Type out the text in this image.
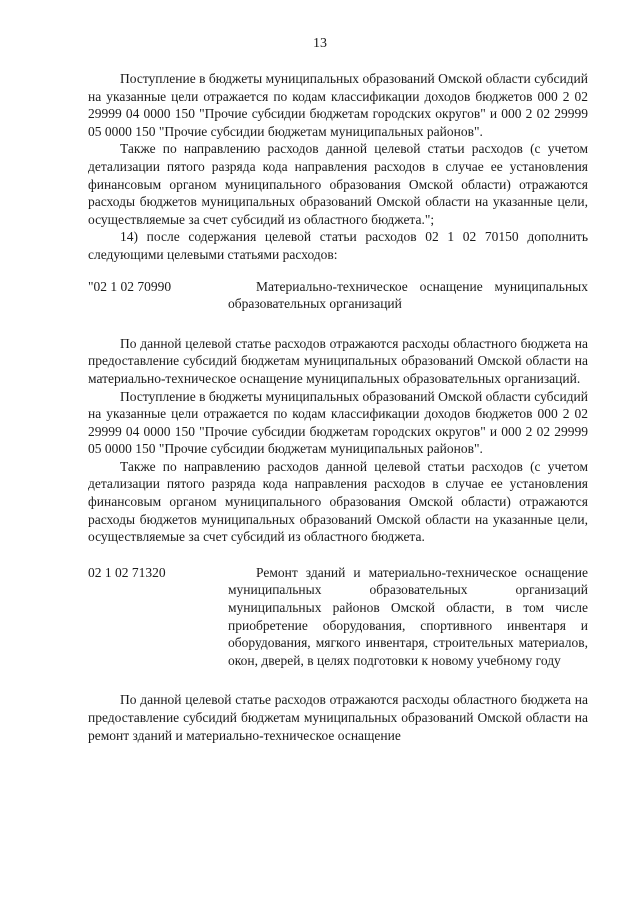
13

Поступление в бюджеты муниципальных образований Омской области субсидий на указанные цели отражается по кодам классификации доходов бюджетов 000 2 02 29999 04 0000 150 "Прочие субсидии бюджетам городских округов" и 000 2 02 29999 05 0000 150 "Прочие субсидии бюджетам муниципальных районов".

Также по направлению расходов данной целевой статьи расходов (с учетом детализации пятого разряда кода направления расходов в случае ее установления финансовым органом муниципального образования Омской области) отражаются расходы бюджетов муниципальных образований Омской области на указанные цели, осуществляемые за счет субсидий из областного бюджета.";

14) после содержания целевой статьи расходов 02 1 02 70150 дополнить следующими целевыми статьями расходов:

"02 1 02 70990	Материально-техническое оснащение муниципальных образовательных организаций

По данной целевой статье расходов отражаются расходы областного бюджета на предоставление субсидий бюджетам муниципальных образований Омской области на материально-техническое оснащение муниципальных образовательных организаций.

Поступление в бюджеты муниципальных образований Омской области субсидий на указанные цели отражается по кодам классификации доходов бюджетов 000 2 02 29999 04 0000 150 "Прочие субсидии бюджетам городских округов" и 000 2 02 29999 05 0000 150 "Прочие субсидии бюджетам муниципальных районов".

Также по направлению расходов данной целевой статьи расходов (с учетом детализации пятого разряда кода направления расходов в случае ее установления финансовым органом муниципального образования Омской области) отражаются расходы бюджетов муниципальных образований Омской области на указанные цели, осуществляемые за счет субсидий из областного бюджета.

02 1 02 71320	Ремонт зданий и материально-техническое оснащение муниципальных образовательных организаций муниципальных районов Омской области, в том числе приобретение оборудования, спортивного инвентаря и оборудования, мягкого инвентаря, строительных материалов, окон, дверей, в целях подготовки к новому учебному году

По данной целевой статье расходов отражаются расходы областного бюджета на предоставление субсидий бюджетам муниципальных образований Омской области на ремонт зданий и материально-техническое оснащение
